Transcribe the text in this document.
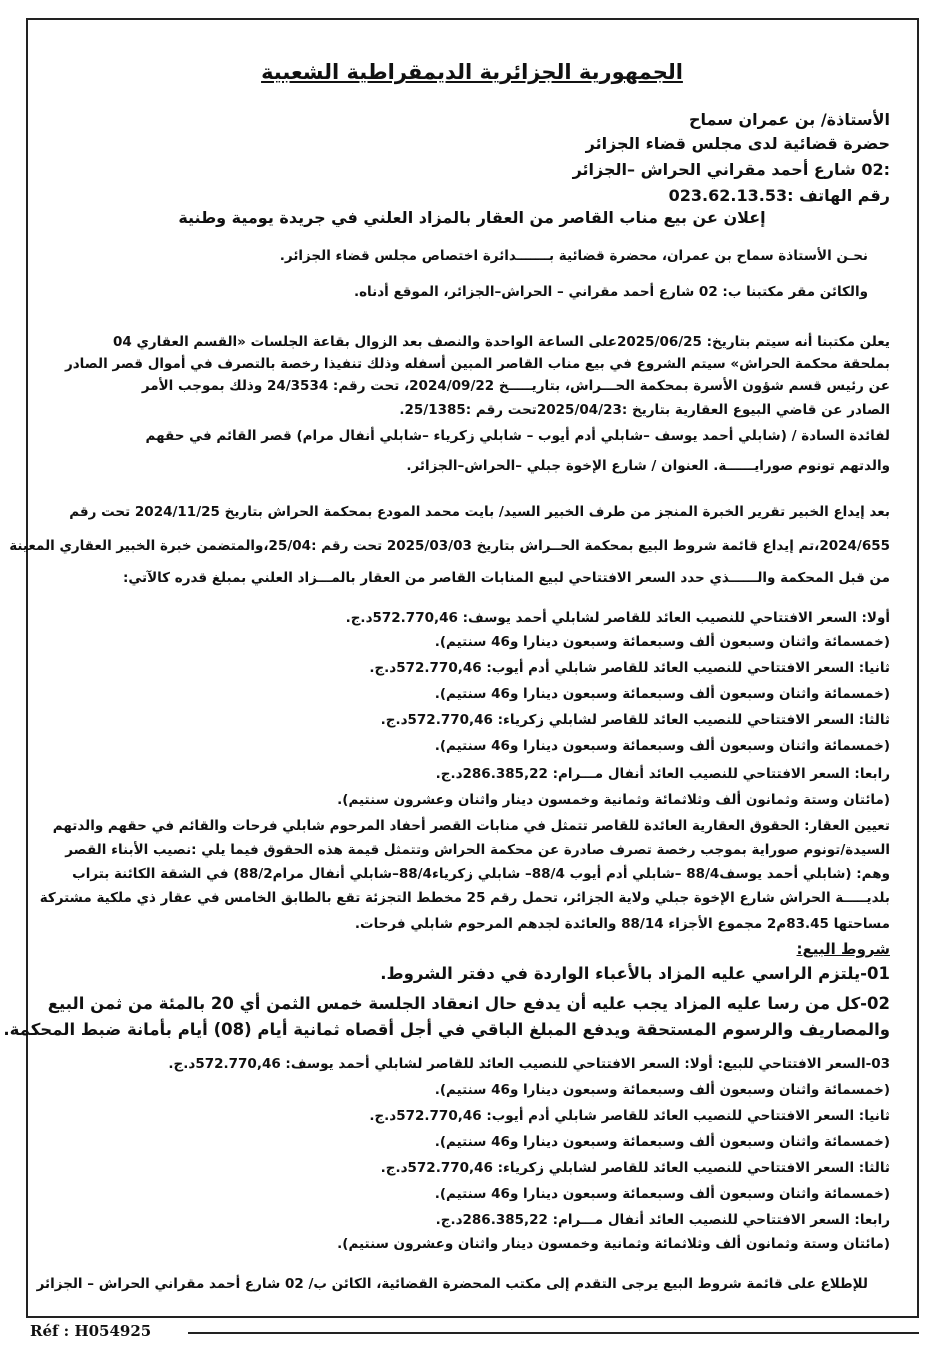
الجمهورية الجزائرية الديمقراطية الشعبية
الأستاذة/ بن عمران سماح
حضرة قضائية لدى مجلس قضاء الجزائر
:02 شارع أحمد مقراني الحراش –الجزائر
رقم الهاتف :023.62.13.53
إعلان عن بيع مناب القاصر من العقار بالمزاد العلني في جريدة يومية وطنية
نحـن الأستاذة سماح بن عمران، محضرة قضائية بـــــــدائرة اختصاص مجلس قضاء الجزائر.
والكائن مقر مكتبنا ب: 02 شارع أحمد مقراني – الحراش–الجزائر، الموقع أدناه.
يعلن مكتبنا أنه سيتم بتاريخ: 2025/06/25على الساعة الواحدة والنصف بعد الزوال بقاعة الجلسات «القسم العقاري 04
بملحقة محكمة الحراش» سيتم الشروع في بيع مناب القاصر المبين أسفله وذلك تنفيذا رخصة بالتصرف في أموال قصر الصادر
عن رئيس قسم شؤون الأسرة بمحكمة الحـــراش، بتاريـــــخ 2024/09/22، تحت رقم: 24/3534 وذلك بموجب الأمر
الصادر عن قاضي البيوع العقارية بتاريخ :2025/04/23تحت رقم :25/1385.
لفائدة السادة / (شابلي أحمد يوسف –شابلي أدم أيوب – شابلي زكرياء –شابلي أنفال مرام) قصر القائم في حقهم
والدتهم تونوم صورايــــــة. العنوان / شارع الإخوة جبلي –الحراش–الجزائر.
بعد إيداع الخبير تقرير الخبرة المنجز من طرف الخبير السيد/ بايت محمد المودع بمحكمة الحراش بتاريخ 2024/11/25 تحت رقم
2024/655،تم إيداع قائمة شروط البيع بمحكمة الحــراش بتاريخ 2025/03/03 تحت رقم :25/04،والمتضمن خبرة الخبير العقاري المعينة
من قبل المحكمة والــــــذي حدد السعر الافتتاحي لبيع المنابات القاصر من العقار بالمـــزاد العلني بمبلغ قدره كالآتي:
أولا: السعر الافتتاحي للنصيب العائد للقاصر لشابلي أحمد يوسف: 572.770,46د.ج.
(خمسمائة واثنان وسبعون ألف وسبعمائة وسبعون دينارا و46 سنتيم).
ثانيا: السعر الافتتاحي للنصيب العائد للقاصر شابلي أدم أيوب: 572.770,46د.ج.
(خمسمائة واثنان وسبعون ألف وسبعمائة وسبعون دينارا و46 سنتيم).
ثالثا: السعر الافتتاحي للنصيب العائد للقاصر لشابلي زكرياء: 572.770,46د.ج.
(خمسمائة واثنان وسبعون ألف وسبعمائة وسبعون دينارا و46 سنتيم).
رابعا: السعر الافتتاحي للنصيب العائد أنفال مـــرام: 286.385,22د.ج.
(مائتان وستة وثمانون ألف وثلاثمائة وثمانية وخمسون دينار واثنان وعشرون سنتيم).
تعيين العقار: الحقوق العقارية العائدة للقاصر تتمثل في منابات القصر أحفاد المرحوم شابلي فرحات والقائم في حقهم والدتهم
السيدة/تونوم صوراية بموجب رخصة تصرف صادرة عن محكمة الحراش وتتمثل قيمة هذه الحقوق فيما يلي :نصيب الأبناء القصر
وهم: (شابلي أحمد يوسف88/4 –شابلي أدم أيوب 88/4– شابلي زكرياء88/4–شابلي أنفال مرام88/2) في الشقة الكائنة بتراب
بلديـــــة الحراش شارع الإخوة جبلي ولاية الجزائر، تحمل رقم 25 مخطط التجزئة تقع بالطابق الخامس في عقار ذي ملكية مشتركة
مساحتها 83.45م2 مجموع الأجزاء 88/14 والعائدة لجدهم المرحوم شابلي فرحات.
شروط البيع:
01-يلتزم الراسي عليه المزاد بالأعباء الواردة في دفتر الشروط.
02-كل من رسا عليه المزاد يجب عليه أن يدفع حال انعقاد الجلسة خمس الثمن أي 20 بالمئة من ثمن البيع
والمصاريف والرسوم المستحقة ويدفع المبلغ الباقي في أجل أقصاه ثمانية أيام (08) أيام بأمانة ضبط المحكمة.
03-السعر الافتتاحي للبيع: أولا: السعر الافتتاحي للنصيب العائد للقاصر لشابلي أحمد يوسف: 572.770,46د.ج.
(خمسمائة واثنان وسبعون ألف وسبعمائة وسبعون دينارا و46 سنتيم).
ثانيا: السعر الافتتاحي للنصيب العائد للقاصر شابلي أدم أيوب: 572.770,46د.ج.
(خمسمائة واثنان وسبعون ألف وسبعمائة وسبعون دينارا و46 سنتيم).
ثالثا: السعر الافتتاحي للنصيب العائد للقاصر لشابلي زكرياء: 572.770,46د.ج.
(خمسمائة واثنان وسبعون ألف وسبعمائة وسبعون دينارا و46 سنتيم).
رابعا: السعر الافتتاحي للنصيب العائد أنفال مـــرام: 286.385,22د.ج.
(مائتان وستة وثمانون ألف وثلاثمائة وثمانية وخمسون دينار واثنان وعشرون سنتيم).
للإطلاع على قائمة شروط البيع يرجى التقدم إلى مكتب المحضرة القضائية، الكائن ب/ 02 شارع أحمد مقراني الحراش – الجزائر
Réf : H054925
